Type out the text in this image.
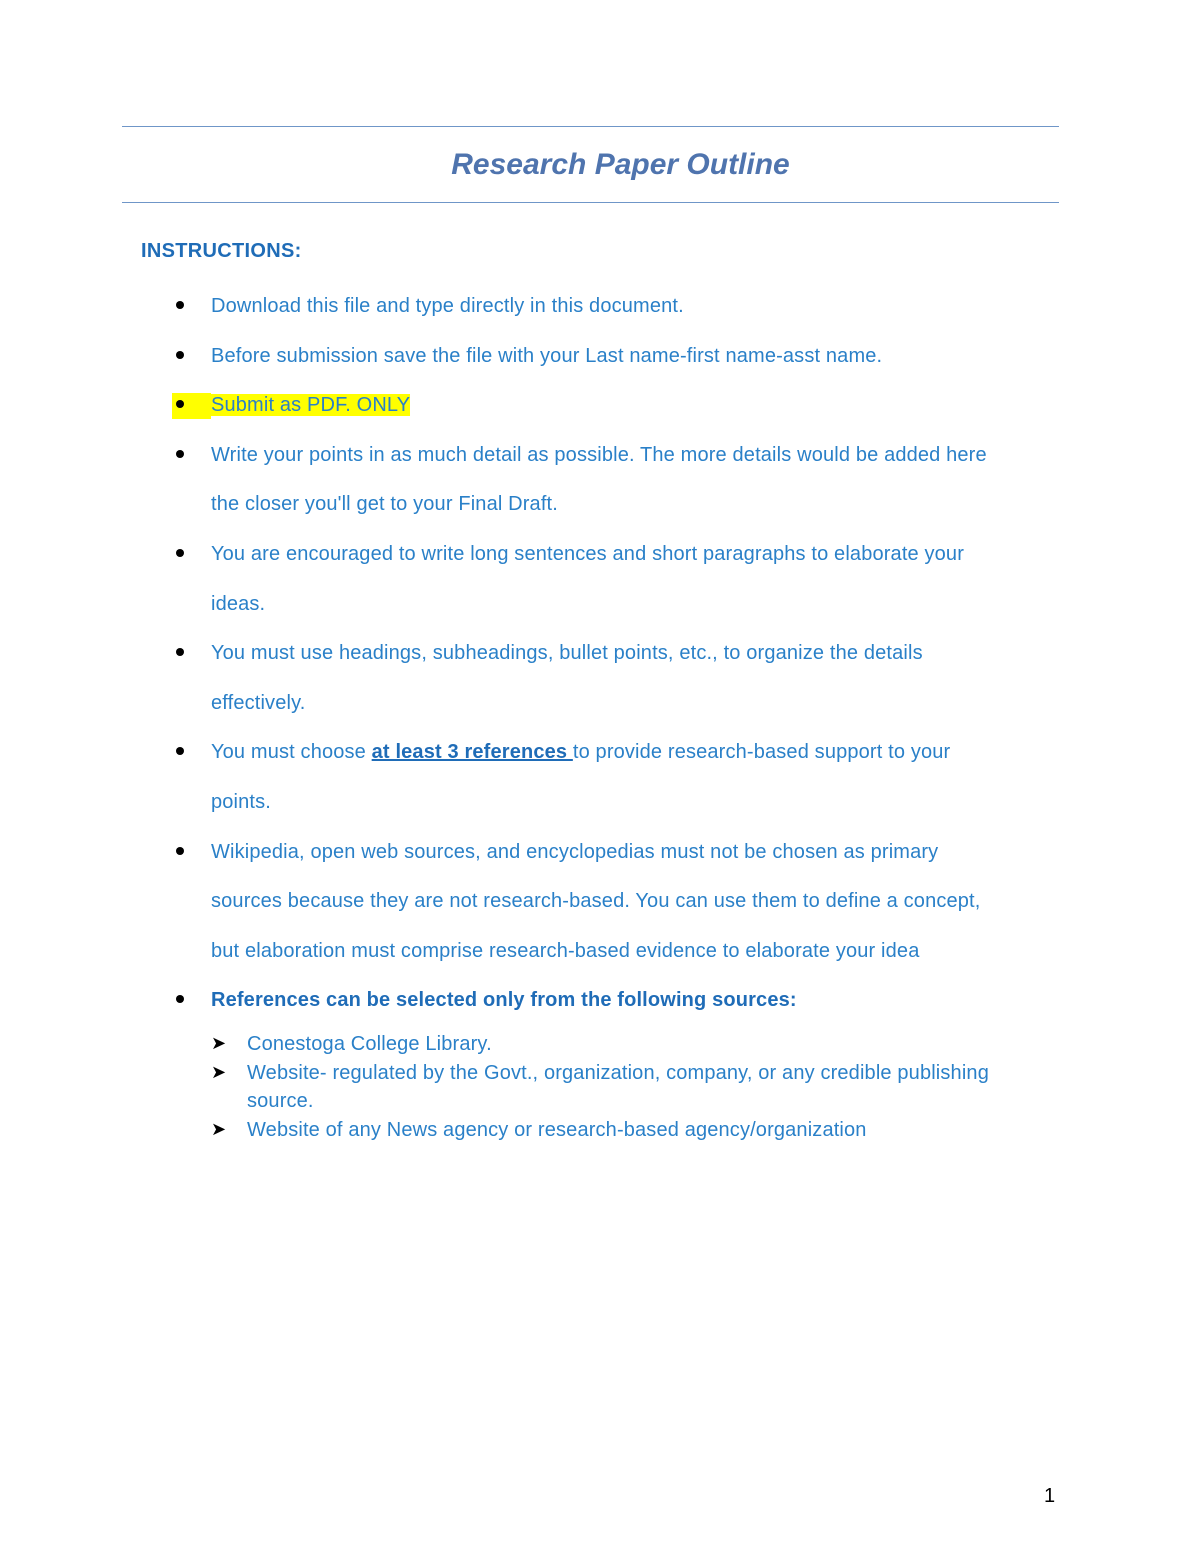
Research Paper Outline
INSTRUCTIONS:
Download this file and type directly in this document.
Before submission save the file with your Last name-first name-asst name.
Submit as PDF. ONLY
Write your points in as much detail as possible. The more details would be added here
the closer you'll get to your Final Draft.
You are encouraged to write long sentences and short paragraphs to elaborate your
ideas.
You must use headings, subheadings, bullet points, etc., to organize the details
effectively.
You must choose at least 3 references to provide research-based support to your
points.
Wikipedia, open web sources, and encyclopedias must not be chosen as primary
sources because they are not research-based. You can use them to define a concept,
but elaboration must comprise research-based evidence to elaborate your idea
References can be selected only from the following sources:
➤ Conestoga College Library.
➤ Website- regulated by the Govt., organization, company, or any credible publishing
source.
➤ Website of any News agency or research-based agency/organization
1
